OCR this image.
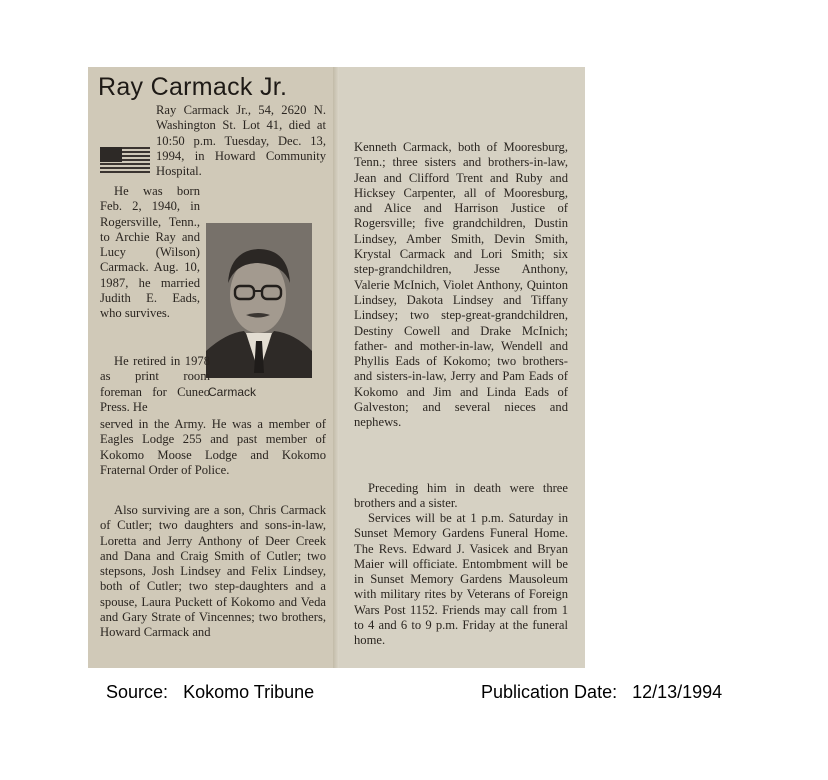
Ray Carmack Jr.

Ray Carmack Jr., 54, 2620 N. Washington St. Lot 41, died at 10:50 p.m. Tuesday, Dec. 13, 1994, in Howard Community Hospital.

He was born Feb. 2, 1940, in Rogersville, Tenn., to Archie Ray and Lucy (Wilson) Carmack. Aug. 10, 1987, he married Judith E. Eads, who survives.

Carmack

He retired in 1978 as print room foreman for Cuneo Press. He

served in the Army. He was a member of Eagles Lodge 255 and past member of Kokomo Moose Lodge and Kokomo Fraternal Order of Police.

Also surviving are a son, Chris Carmack of Cutler; two daughters and sons-in-law, Loretta and Jerry Anthony of Deer Creek and Dana and Craig Smith of Cutler; two stepsons, Josh Lindsey and Felix Lindsey, both of Cutler; two step-daughters and a spouse, Laura Puckett of Kokomo and Veda and Gary Strate of Vincennes; two brothers, Howard Carmack and

Kenneth Carmack, both of Mooresburg, Tenn.; three sisters and brothers-in-law, Jean and Clifford Trent and Ruby and Hicksey Carpenter, all of Mooresburg, and Alice and Harrison Justice of Rogersville; five grandchildren, Dustin Lindsey, Amber Smith, Devin Smith, Krystal Carmack and Lori Smith; six step-grandchildren, Jesse Anthony, Valerie McInich, Violet Anthony, Quinton Lindsey, Dakota Lindsey and Tiffany Lindsey; two step-great-grandchildren, Destiny Cowell and Drake McInich; father- and mother-in-law, Wendell and Phyllis Eads of Kokomo; two brothers- and sisters-in-law, Jerry and Pam Eads of Kokomo and Jim and Linda Eads of Galveston; and several nieces and nephews.

Preceding him in death were three brothers and a sister.

Services will be at 1 p.m. Saturday in Sunset Memory Gardens Funeral Home. The Revs. Edward J. Vasicek and Bryan Maier will officiate. Entombment will be in Sunset Memory Gardens Mausoleum with military rites by Veterans of Foreign Wars Post 1152. Friends may call from 1 to 4 and 6 to 9 p.m. Friday at the funeral home.

Source: Kokomo Tribune	Publication Date: 12/13/1994
